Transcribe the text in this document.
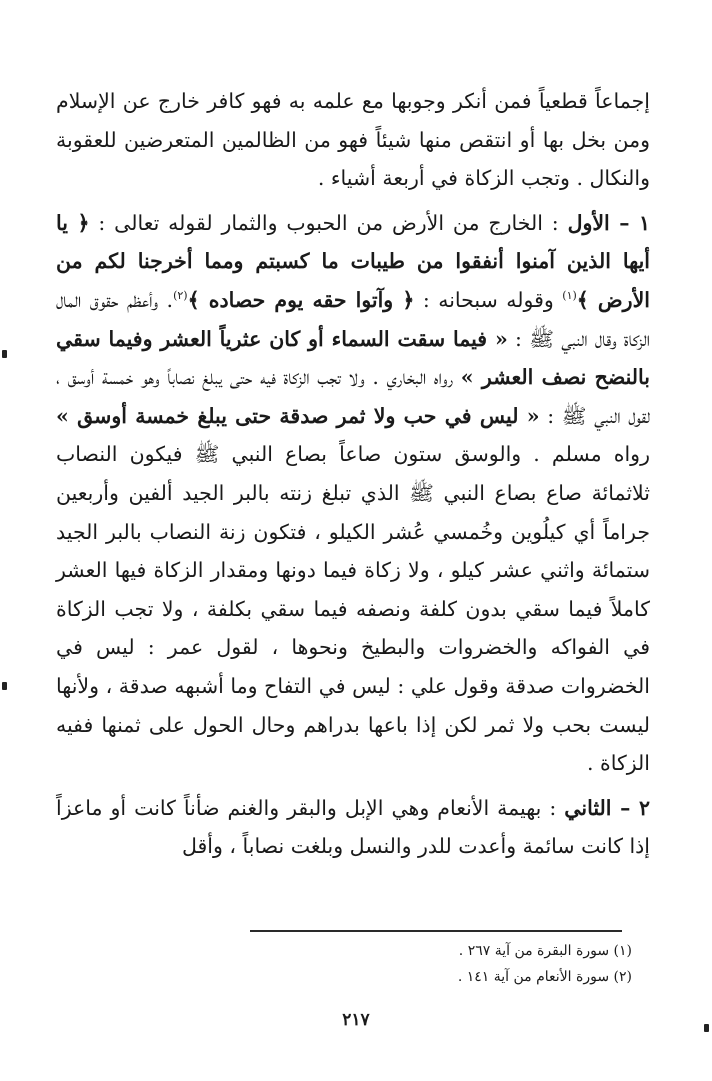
إجماعاً قطعياً فمن أنكر وجوبها مع علمه به فهو كافر خارج عن الإسلام ومن بخل بها أو انتقص منها شيئاً فهو من الظالمين المتعرضين للعقوبة والنكال . وتجب الزكاة في أربعة أشياء .

١ – الأول : الخارج من الأرض من الحبوب والثمار لقوله تعالى : ﴿ يا أيها الذين آمنوا أنفقوا من طيبات ما كسبتم ومما أخرجنا لكم من الأرض ﴾$^{(١)}$ وقوله سبحانه : ﴿ وآتوا حقه يوم حصاده ﴾$^{(٢)}$. وأعظم حقوق المال الزكاة وقال النبي ﷺ : « فيما سقت السماء أو كان عثرياً العشر وفيما سقي بالنضح نصف العشر » رواه البخاري . ولا تجب الزكاة فيه حتى يبلغ نصاباً وهو خمسة أوسق ، لقول النبي ﷺ : « ليس في حب ولا ثمر صدقة حتى يبلغ خمسة أوسق » رواه مسلم . والوسق ستون صاعاً بصاع النبي ﷺ فيكون النصاب ثلاثمائة صاع بصاع النبي ﷺ الذي تبلغ زنته بالبر الجيد ألفين وأربعين جراماً أي كيلُوين وخُمسي عُشر الكيلو ، فتكون زنة النصاب بالبر الجيد ستمائة واثني عشر كيلو ، ولا زكاة فيما دونها ومقدار الزكاة فيها العشر كاملاً فيما سقي بدون كلفة ونصفه فيما سقي بكلفة ، ولا تجب الزكاة في الفواكه والخضروات والبطيخ ونحوها ، لقول عمر : ليس في الخضروات صدقة وقول علي : ليس في التفاح وما أشبهه صدقة ، ولأنها ليست بحب ولا ثمر لكن إذا باعها بدراهم وحال الحول على ثمنها ففيه الزكاة .

٢ – الثاني : بهيمة الأنعام وهي الإبل والبقر والغنم ضأناً كانت أو ماعزاً إذا كانت سائمة وأعدت للدر والنسل وبلغت نصاباً ، وأقل

(١) سورة البقرة من آية ٢٦٧ .
(٢) سورة الأنعام من آية ١٤١ .
٢١٧
